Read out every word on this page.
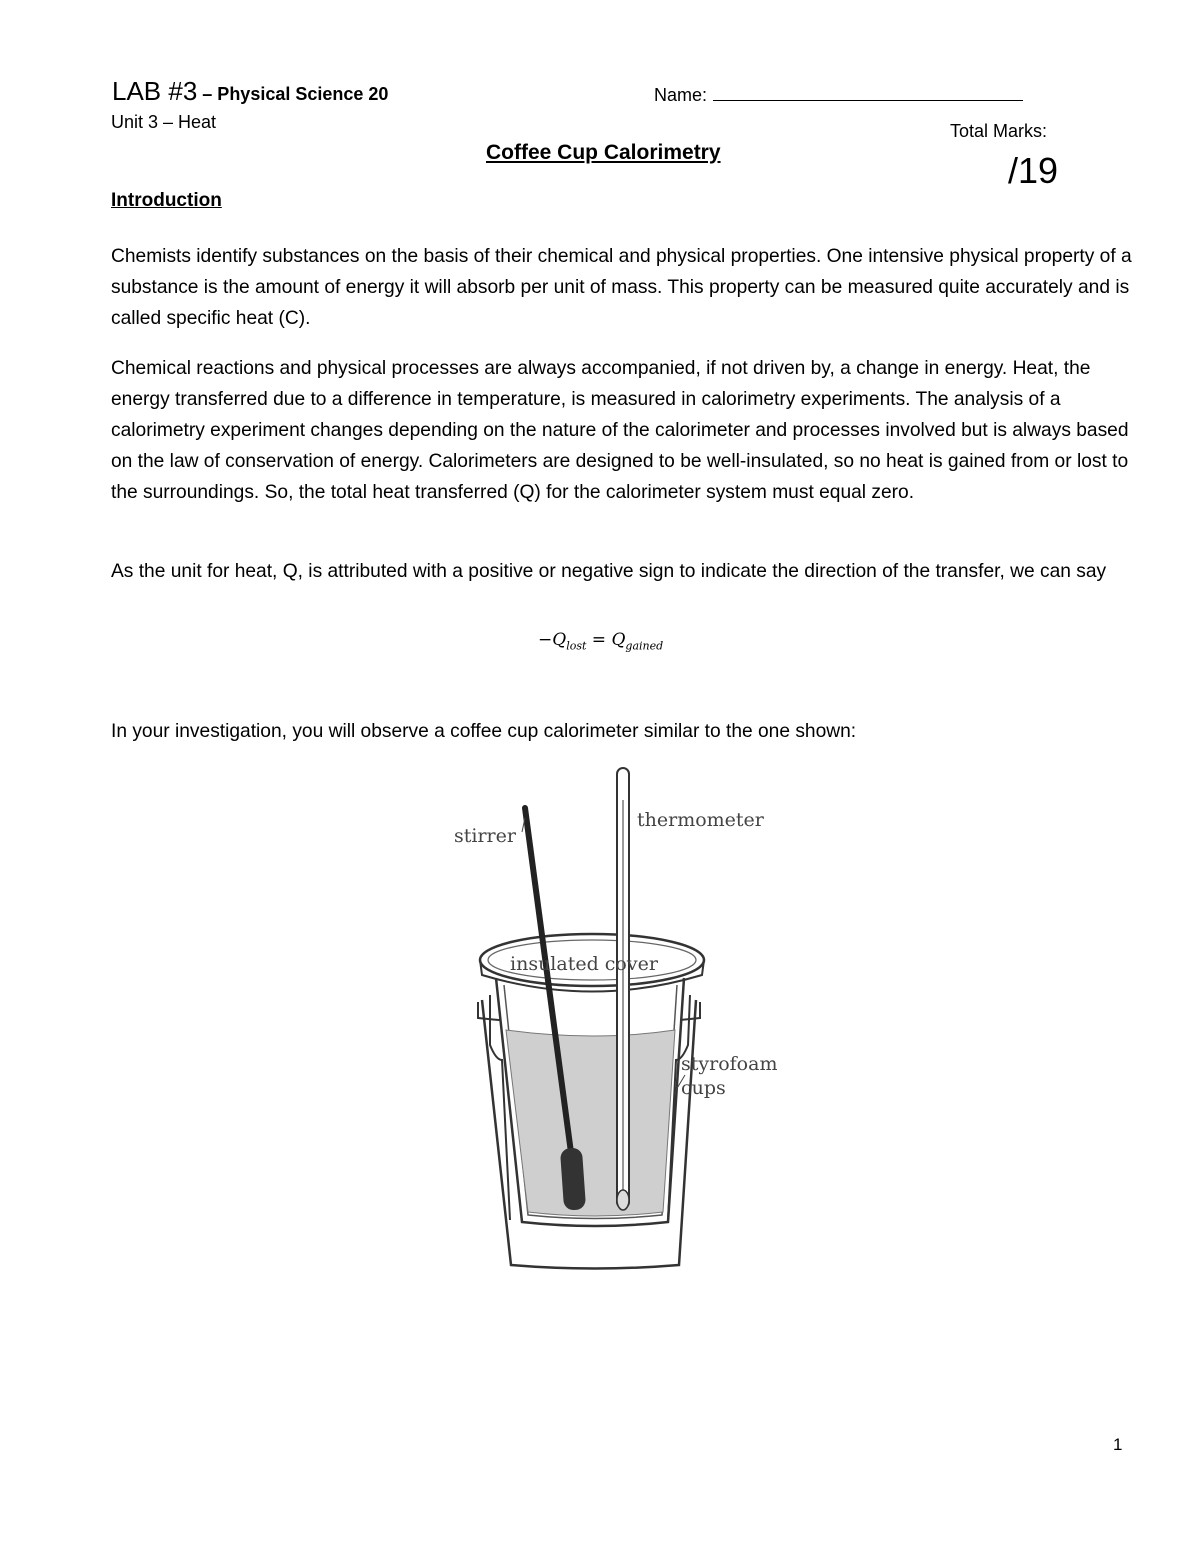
LAB #3 – Physical Science 20
Unit 3 – Heat
Name:
Total Marks:
/19
Coffee Cup Calorimetry
Introduction
Chemists identify substances on the basis of their chemical and physical properties. One intensive physical property of a substance is the amount of energy it will absorb per unit of mass. This property can be measured quite accurately and is called specific heat (C).
Chemical reactions and physical processes are always accompanied, if not driven by, a change in energy. Heat, the energy transferred due to a difference in temperature, is measured in calorimetry experiments. The analysis of a calorimetry experiment changes depending on the nature of the calorimeter and processes involved but is always based on the law of conservation of energy. Calorimeters are designed to be well-insulated, so no heat is gained from or lost to the surroundings. So, the total heat transferred (Q) for the calorimeter system must equal zero.
As the unit for heat, Q, is attributed with a positive or negative sign to indicate the direction of the transfer, we can say
$-Q_{lost} = Q_{gained}$
In your investigation, you will observe a coffee cup calorimeter similar to the one shown:
stirrer
thermometer
insulated cover
styrofoam
cups
1
